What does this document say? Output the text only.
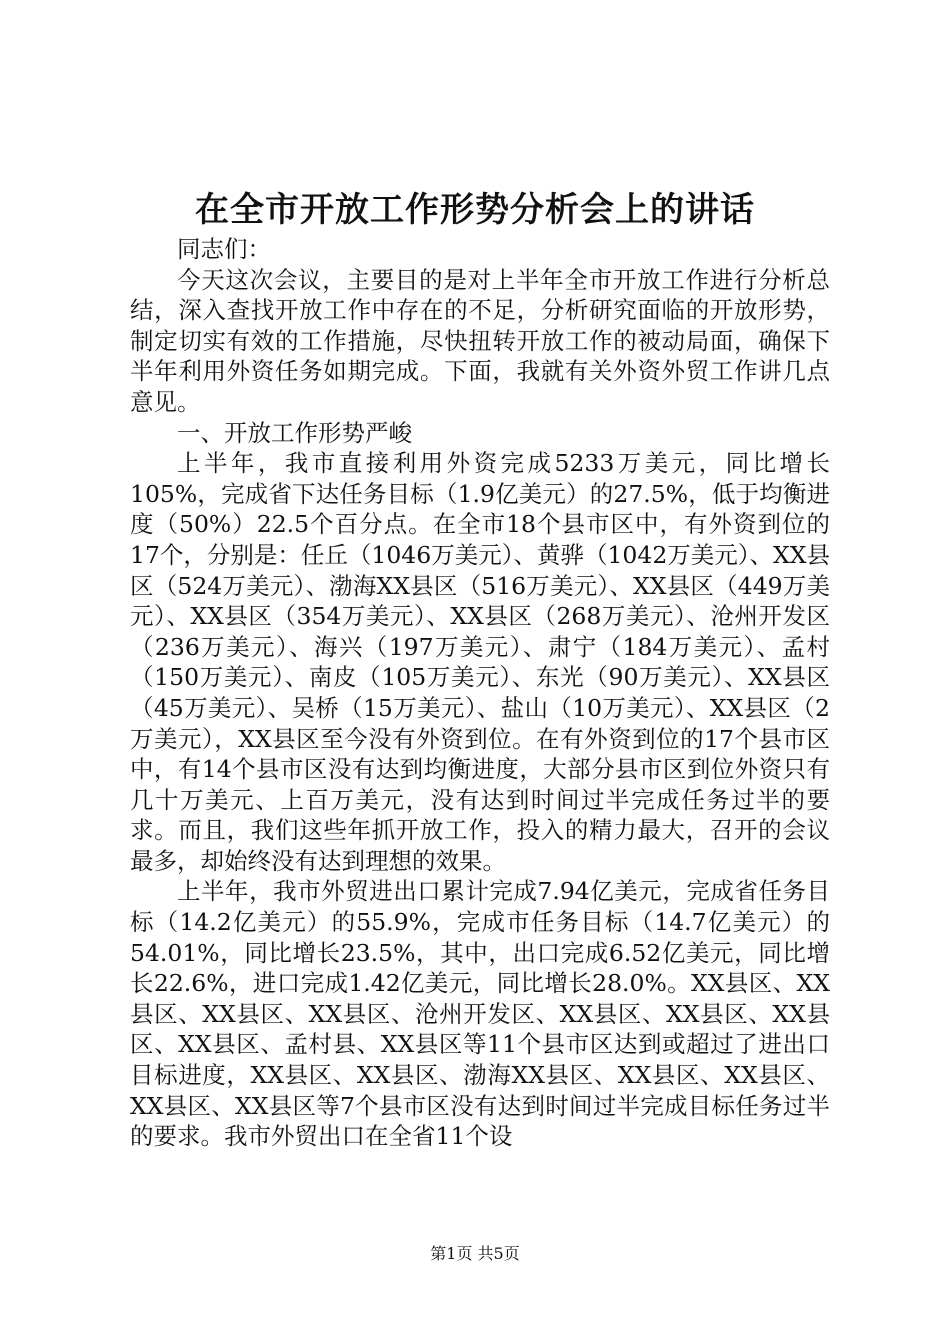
在全市开放工作形势分析会上的讲话

同志们：

今天这次会议，主要目的是对上半年全市开放工作进行分析总结，深入查找开放工作中存在的不足，分析研究面临的开放形势，制定切实有效的工作措施，尽快扭转开放工作的被动局面，确保下半年利用外资任务如期完成。下面，我就有关外资外贸工作讲几点意见。

一、开放工作形势严峻

上半年，我市直接利用外资完成5233万美元，同比增长105%，完成省下达任务目标（1.9亿美元）的27.5%，低于均衡进度（50%）22.5个百分点。在全市18个县市区中，有外资到位的17个，分别是：任丘（1046万美元）、黄骅（1042万美元）、XX县区（524万美元）、渤海XX县区（516万美元）、XX县区（449万美元）、XX县区（354万美元）、XX县区（268万美元）、沧州开发区（236万美元）、海兴（197万美元）、肃宁（184万美元）、孟村（150万美元）、南皮（105万美元）、东光（90万美元）、XX县区（45万美元）、吴桥（15万美元）、盐山（10万美元）、XX县区（2万美元），XX县区至今没有外资到位。在有外资到位的17个县市区中，有14个县市区没有达到均衡进度，大部分县市区到位外资只有几十万美元、上百万美元，没有达到时间过半完成任务过半的要求。而且，我们这些年抓开放工作，投入的精力最大，召开的会议最多，却始终没有达到理想的效果。

上半年，我市外贸进出口累计完成7.94亿美元，完成省任务目标（14.2亿美元）的55.9%，完成市任务目标（14.7亿美元）的54.01%，同比增长23.5%，其中，出口完成6.52亿美元，同比增长22.6%，进口完成1.42亿美元，同比增长28.0%。XX县区、XX县区、XX县区、XX县区、沧州开发区、XX县区、XX县区、XX县区、XX县区、孟村县、XX县区等11个县市区达到或超过了进出口目标进度，XX县区、XX县区、渤海XX县区、XX县区、XX县区、XX县区、XX县区等7个县市区没有达到时间过半完成目标任务过半的要求。我市外贸出口在全省11个设

第1页 共5页
